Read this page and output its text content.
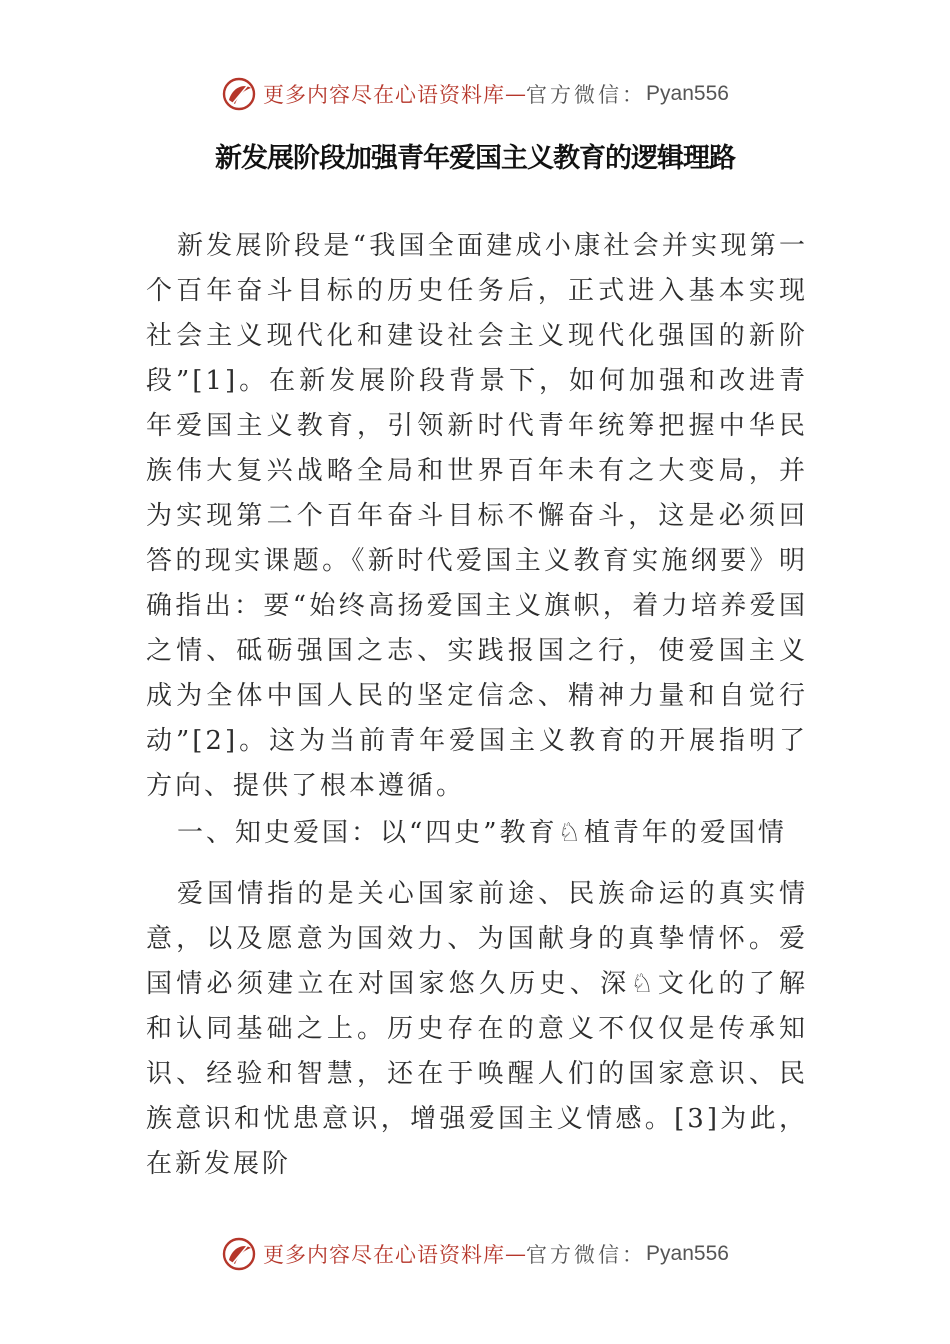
更多内容尽在心语资料库 — 官方微信： Pyan556
新发展阶段加强青年爱国主义教育的逻辑理路

新发展阶段是“我国全面建成小康社会并实现第一个百年奋斗目标的历史任务后，正式进入基本实现社会主义现代化和建设社会主义现代化强国的新阶段”[1]。在新发展阶段背景下，如何加强和改进青年爱国主义教育，引领新时代青年统筹把握中华民族伟大复兴战略全局和世界百年未有之大变局，并为实现第二个百年奋斗目标不懈奋斗，这是必须回答的现实课题。《新时代爱国主义教育实施纲要》明确指出：要“始终高扬爱国主义旗帜，着力培养爱国之情、砥砺强国之志、实践报国之行，使爱国主义成为全体中国人民的坚定信念、精神力量和自觉行动”[2]。这为当前青年爱国主义教育的开展指明了方向、提供了根本遵循。

一、知史爱国：以“四史”教育♘植青年的爱国情

爱国情指的是关心国家前途、民族命运的真实情意，以及愿意为国效力、为国献身的真挚情怀。爱国情必须建立在对国家悠久历史、深♘文化的了解和认同基础之上。历史存在的意义不仅仅是传承知识、经验和智慧，还在于唤醒人们的国家意识、民族意识和忧患意识，增强爱国主义情感。[3]为此，在新发展阶

更多内容尽在心语资料库 — 官方微信： Pyan556
